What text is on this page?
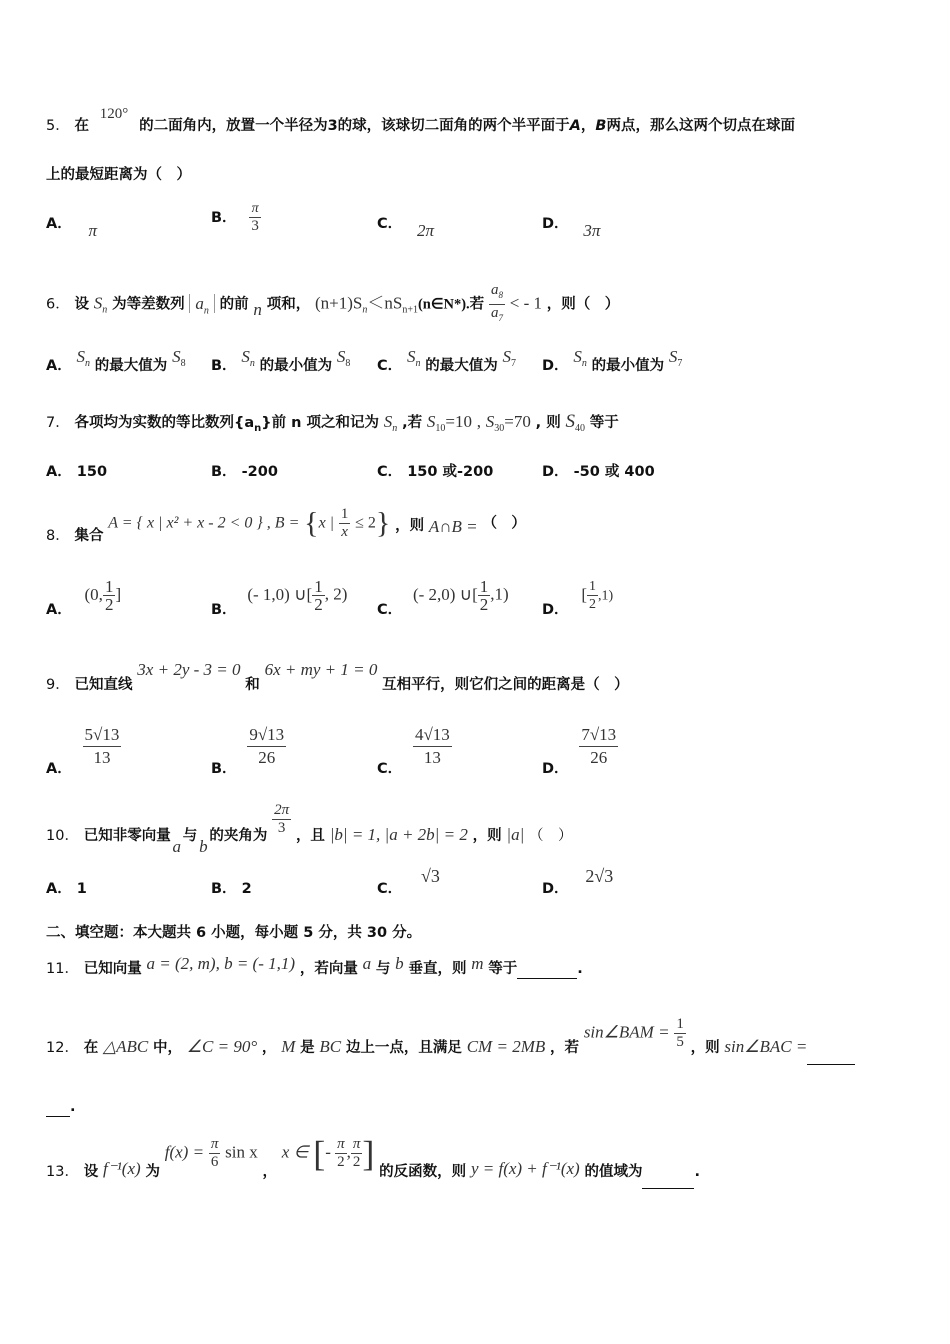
5． 在 120° 的二面角内，放置一个半径为3的球，该球切二面角的两个半平面于A，B两点，那么这两个切点在球面
上的最短距离为（　）
A． π
B． $\frac{\pi}{3}$	C． 2π	D． 3π
6． 设 $S_n$ 为等差数列 $a_n$ 的前 n 项和， $(n+1)S_n<nS_{n+1}(n\in N*)$.若 $\frac{a_8}{a_7}$ < - 1 ，则（　）
A． $S_n$ 的最大值为 $S_8$ B． $S_n$ 的最小值为 $S_8$ C． $S_n$ 的最大值为 $S_7$ D． $S_n$ 的最小值为 $S_7$
7． 各项均为实数的等比数列$\{a_n\}$前 n 项之和记为 $S_n$ ,若 $S_{10}=10$ , $S_{30}=70$ , 则 $S_{40}$ 等于
A． 150	B． -200	C． 150 或-200	D． -50 或 400
8． 集合 A = { x | x² + x - 2 < 0 } , B = {x | $\frac{1}{x} \le 2$} ，则 A∩B = （　）
A． (0, $\frac{1}{2}$ ]
B． (- 1,0) ∪[ $\frac{1}{2}$ , 2)
C． (- 2,0) ∪[ $\frac{1}{2} ,1$)
D． [ $\frac{1}{2} ,1$)
9． 已知直线 3x + 2y - 3 = 0 和 6x + my + 1 = 0 互相平行，则它们之间的距离是（　）
A． $\frac{5√13}{13}$	B． $\frac{9√13}{26}$	C． $\frac{4√13}{13}$	D． $\frac{7√13}{26}$
10． 已知非零向量 a 与 b 的夹角为 $\frac{2\pi}{3}$ ，且 |b| = 1, |a + 2b| = 2 ，则 |a| （　）
A． 1	B． 2	C． √3
D． 2√3
二、填空题：本大题共 6 小题，每小题 5 分，共 30 分。
11． 已知向量 a = (2, m), b = (- 1,1) ，若向量 a 与 b 垂直，则 m 等于	.
12． 在 △ABC 中， ∠C = 90° ， M 是 BC 边上一点，且满足 CM = 2MB ，若 sin∠BAM = $\frac{1}{5}$ ，则 sin∠BAC =
.
13． 设 f⁻¹(x) 为 $f(x) = \frac{\pi}{6}$ sin x ， x ∈ [- $\frac{\pi}{2}$ , $\frac{\pi}{2}$ ] 的反函数，则 y = f(x) + f⁻¹(x) 的值域为	.
